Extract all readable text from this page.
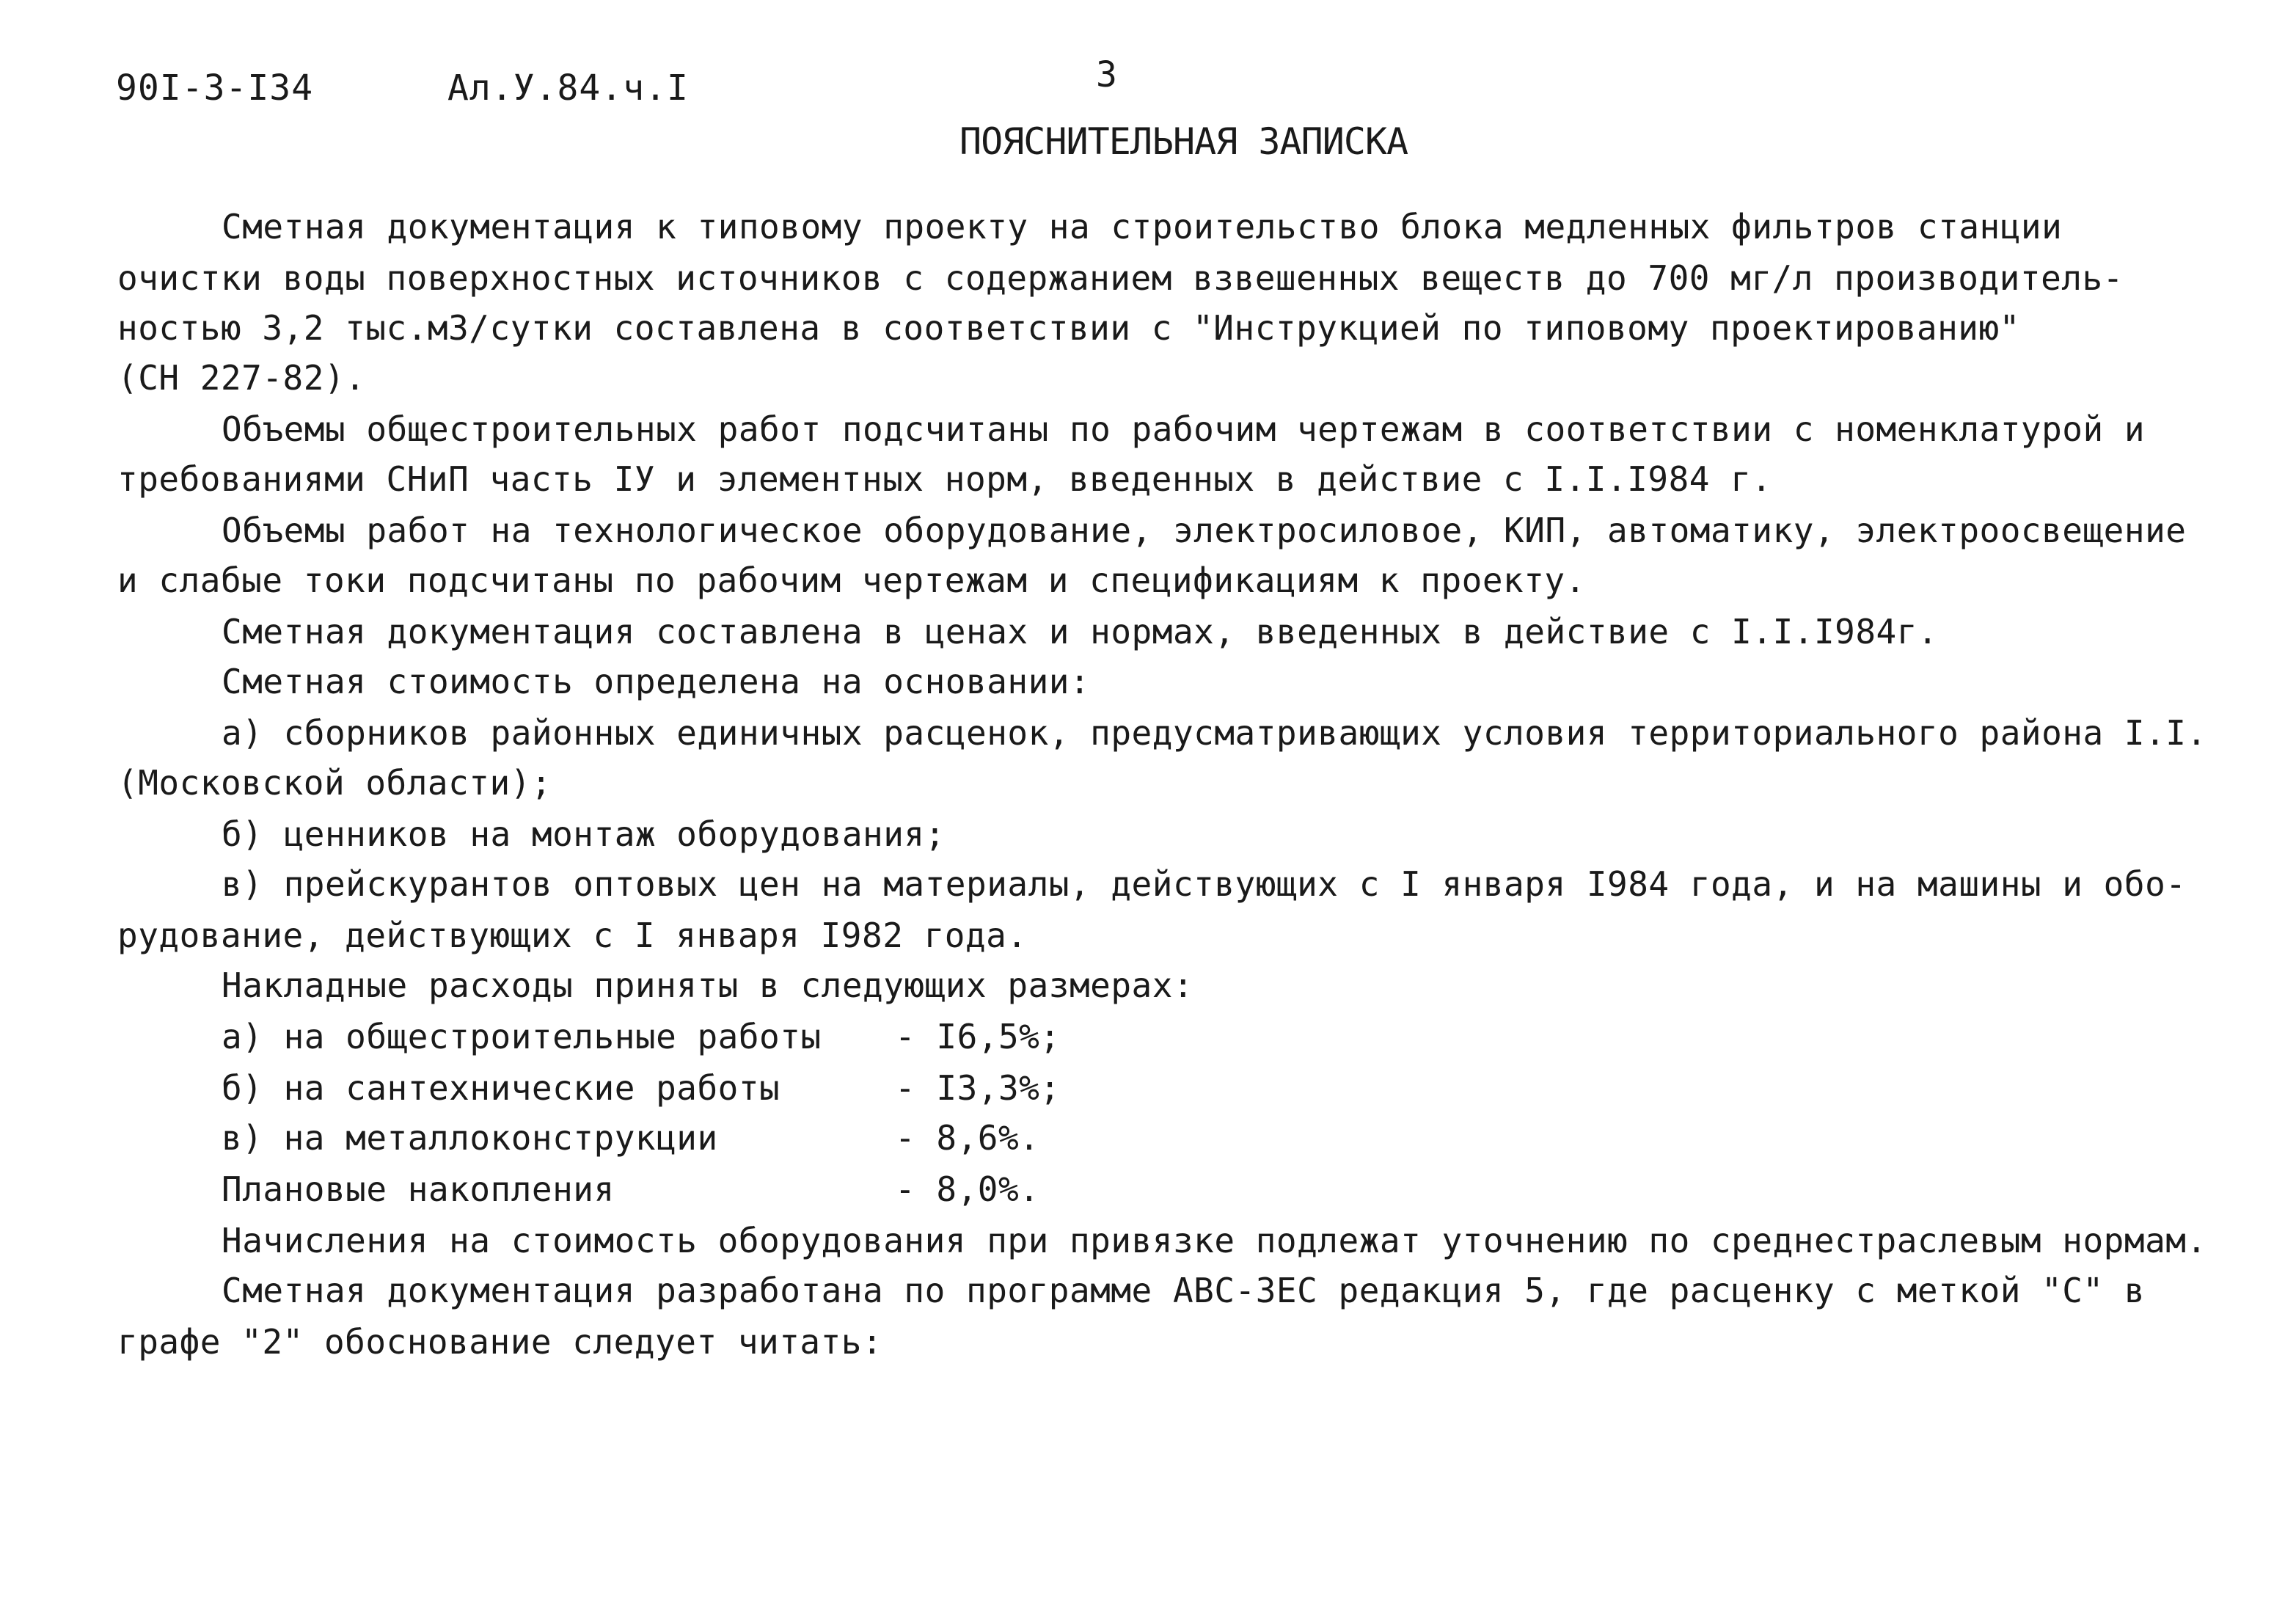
90I-3-I34	Ал.У.84.ч.I	3
ПОЯСНИТЕЛЬНАЯ ЗАПИСКА
Сметная документация к типовому проекту на строительство блока медленных фильтров станции
очистки воды поверхностных источников с содержанием взвешенных веществ до 700 мг/л производитель-
ностью 3,2 тыс.м3/сутки составлена в соответствии с "Инструкцией по типовому проектированию"
(СН 227-82).
Объемы общестроительных работ подсчитаны по рабочим чертежам в соответствии с номенклатурой и
требованиями СНиП часть IУ и элементных норм, введенных в действие с I.I.I984 г.
Объемы рабoт на технологическое оборудование, электросиловое, КИП, автоматику, электроосвещение
и слабые токи подсчитаны по рабочим чертежам и спецификациям к проекту.
Сметная документация составлена в ценах и нормах, введенных в действие с I.I.I984г.
Сметная стоимость определена на основании:
а) сборников районных единичных расценок, предусматривающих условия территориального района I.I.
(Московской области);
б) ценников на монтаж оборудования;
в) прейскурантов оптовых цен на материалы, действующих с I января I984 года, и на машины и обо-
рудование, действующих с I января I982 года.
Накладные расходы приняты в следующих размерах:
а) на общестроительные работы - I6,5%;
б) на сантехнические работы	- I3,3%;
в) на металлоконструкции	- 8,6%.
Плановые накопления	- 8,0%.
Начисления на стоимость оборудования при привязке подлежат уточнению по среднестраслевым нормам.
Сметная документация разработана по программе АВС-ЗЕС редакция 5, где расценку с меткой "С" в
графе "2" обоснование следует читать:
